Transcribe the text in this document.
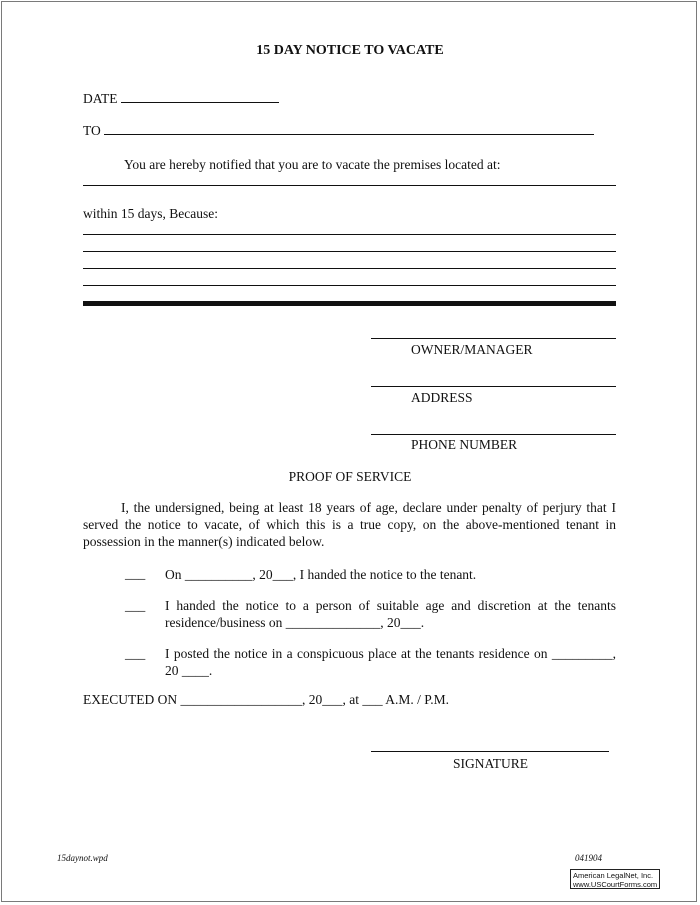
15 DAY NOTICE TO VACATE
DATE
TO
You are hereby notified that you are to vacate the premises located at:
within 15 days, Because:
OWNER/MANAGER
ADDRESS
PHONE NUMBER
PROOF OF SERVICE
I, the undersigned, being at least 18 years of age, declare under penalty of perjury that I served the notice to vacate, of which this is a true copy, on the above-mentioned tenant in possession in the manner(s) indicated below.
___ On __________, 20___, I handed the notice to the tenant.
___ I handed the notice to a person of suitable age and discretion at the tenants residence/business on ______________, 20___.
___ I posted the notice in a conspicuous place at the tenants residence on _________, 20 ____.
EXECUTED ON __________________, 20___, at ___ A.M. / P.M.
SIGNATURE
15daynot.wpd	041904
American LegalNet, Inc.
www.USCourtForms.com
